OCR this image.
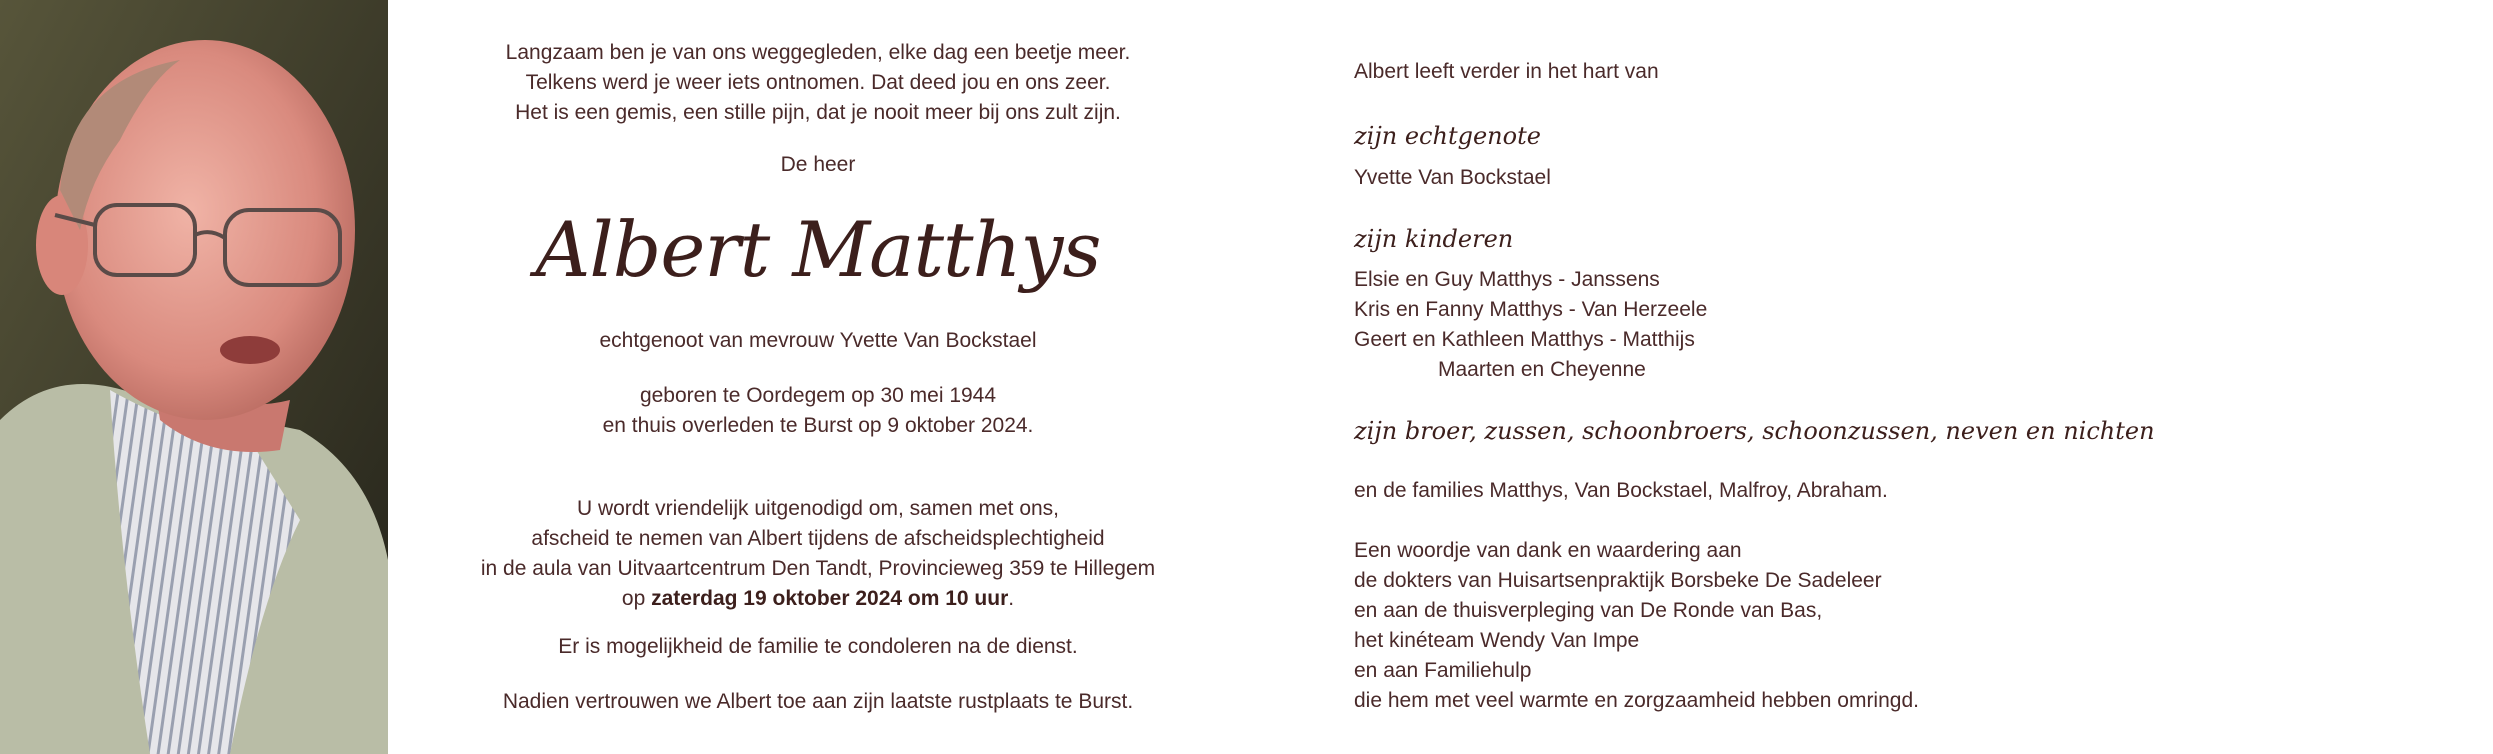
Langzaam ben je van ons weggegleden, elke dag een beetje meer.

Telkens werd je weer iets ontnomen. Dat deed jou en ons zeer.

Het is een gemis, een stille pijn, dat je nooit meer bij ons zult zijn.

De heer

Albert Matthys

echtgenoot van mevrouw Yvette Van Bockstael

geboren te Oordegem op 30 mei 1944

en thuis overleden te Burst op 9 oktober 2024.

U wordt vriendelijk uitgenodigd om, samen met ons,

afscheid te nemen van Albert tijdens de afscheidsplechtigheid

in de aula van Uitvaartcentrum Den Tandt, Provincieweg 359 te Hillegem

op zaterdag 19 oktober 2024 om 10 uur.

Er is mogelijkheid de familie te condoleren na de dienst.

Nadien vertrouwen we Albert toe aan zijn laatste rustplaats te Burst.

Albert leeft verder in het hart van

zijn echtgenote

Yvette Van Bockstael

zijn kinderen

Elsie en Guy Matthys - Janssens

Kris en Fanny Matthys - Van Herzeele

Geert en Kathleen Matthys - Matthijs

Maarten en Cheyenne

zijn broer, zussen, schoonbroers, schoonzussen, neven en nichten

en de families Matthys, Van Bockstael, Malfroy, Abraham.

Een woordje van dank en waardering aan

de dokters van Huisartsenpraktijk Borsbeke De Sadeleer

en aan de thuisverpleging van De Ronde van Bas,

het kinéteam Wendy Van Impe

en aan Familiehulp

die hem met veel warmte en zorgzaamheid hebben omringd.
